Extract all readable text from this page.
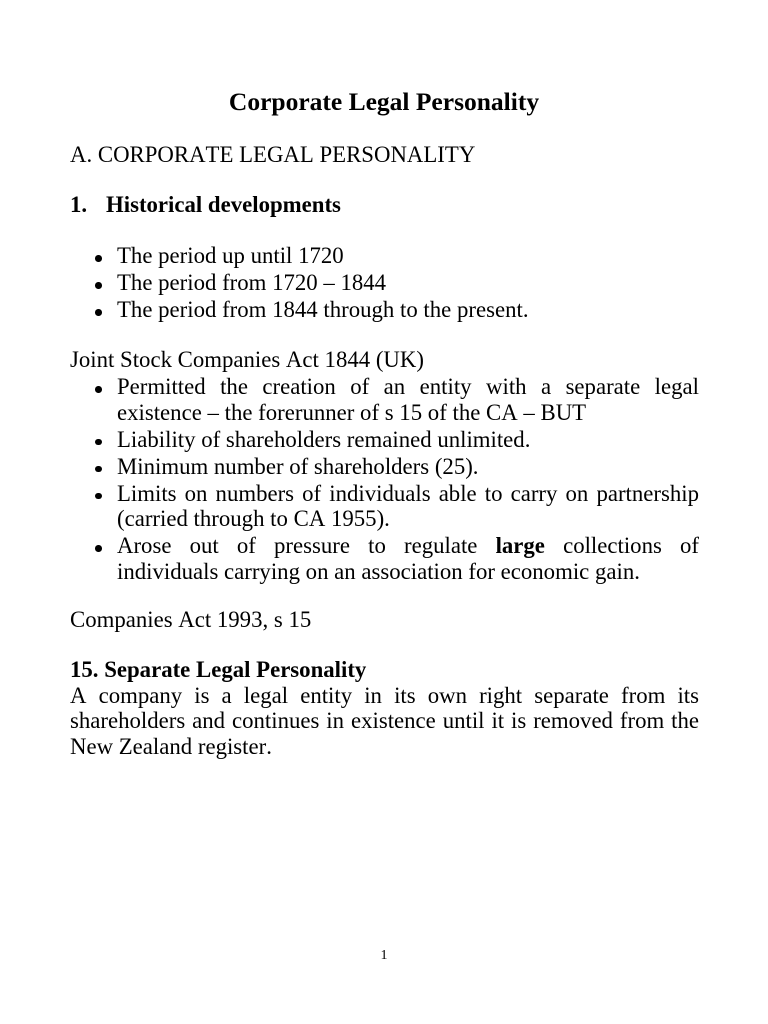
Corporate Legal Personality
A. CORPORATE LEGAL PERSONALITY
1. Historical developments
The period up until 1720
The period from 1720 – 1844
The period from 1844 through to the present.
Joint Stock Companies Act 1844 (UK)
Permitted the creation of an entity with a separate legal existence – the forerunner of s 15 of the CA – BUT
Liability of shareholders remained unlimited.
Minimum number of shareholders (25).
Limits on numbers of individuals able to carry on partnership (carried through to CA 1955).
Arose out of pressure to regulate large collections of individuals carrying on an association for economic gain.
Companies Act 1993, s 15
15. Separate Legal Personality

A company is a legal entity in its own right separate from its shareholders and continues in existence until it is removed from the New Zealand register.

1
